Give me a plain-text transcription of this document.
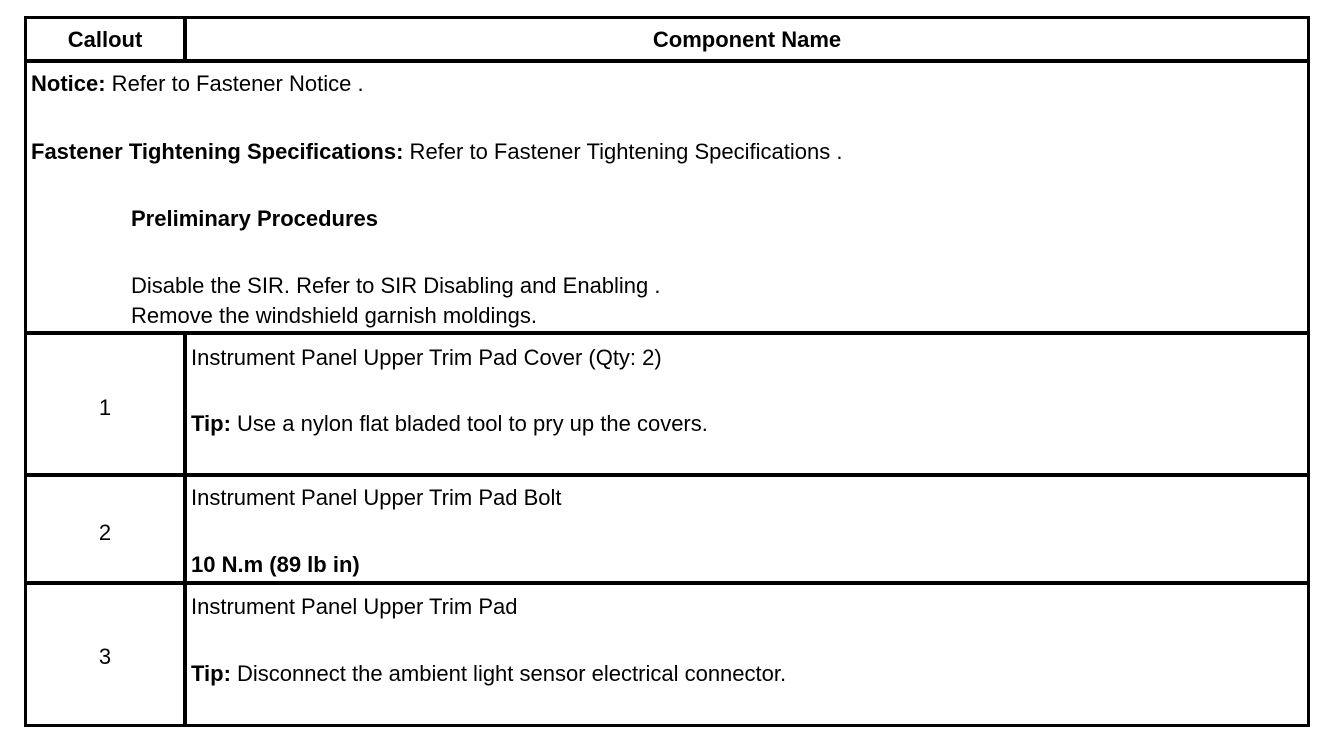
Callout	Component Name
Notice: Refer to Fastener Notice .
Fastener Tightening Specifications: Refer to Fastener Tightening Specifications .
Preliminary Procedures
Disable the SIR. Refer to SIR Disabling and Enabling .
Remove the windshield garnish moldings.
1
Instrument Panel Upper Trim Pad Cover (Qty: 2)
Tip: Use a nylon flat bladed tool to pry up the covers.
2
Instrument Panel Upper Trim Pad Bolt
10 N.m (89 lb in)
3
Instrument Panel Upper Trim Pad
Tip: Disconnect the ambient light sensor electrical connector.
